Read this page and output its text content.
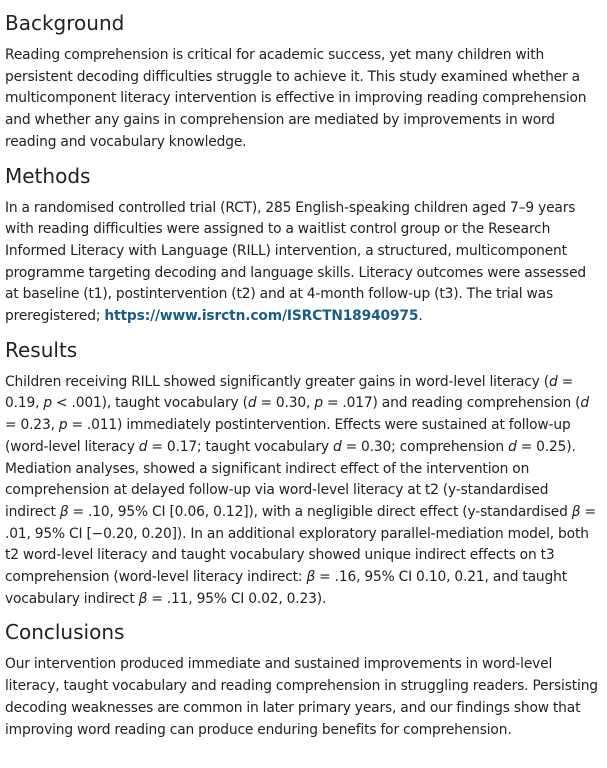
Background

Reading comprehension is critical for academic success, yet many children with persistent decoding difficulties struggle to achieve it. This study examined whether a multicomponent literacy intervention is effective in improving reading comprehension and whether any gains in comprehension are mediated by improvements in word reading and vocabulary knowledge.

Methods

In a randomised controlled trial (RCT), 285 English-speaking children aged 7–9 years with reading difficulties were assigned to a waitlist control group or the Research Informed Literacy with Language (RILL) intervention, a structured, multicomponent programme targeting decoding and language skills. Literacy outcomes were assessed at baseline (t1), postintervention (t2) and at 4-month follow-up (t3). The trial was preregistered; https://www.isrctn.com/ISRCTN18940975.

Results

Children receiving RILL showed significantly greater gains in word-level literacy (d = 0.19, p < .001), taught vocabulary (d = 0.30, p = .017) and reading comprehension (d = 0.23, p = .011) immediately postintervention. Effects were sustained at follow-up (word-level literacy d = 0.17; taught vocabulary d = 0.30; comprehension d = 0.25). Mediation analyses, showed a significant indirect effect of the intervention on comprehension at delayed follow-up via word-level literacy at t2 (y-standardised indirect β = .10, 95% CI [0.06, 0.12]), with a negligible direct effect (y-standardised β = .01, 95% CI [−0.20, 0.20]). In an additional exploratory parallel-mediation model, both t2 word-level literacy and taught vocabulary showed unique indirect effects on t3 comprehension (word-level literacy indirect: β = .16, 95% CI 0.10, 0.21, and taught vocabulary indirect β = .11, 95% CI 0.02, 0.23).

Conclusions

Our intervention produced immediate and sustained improvements in word-level literacy, taught vocabulary and reading comprehension in struggling readers. Persisting decoding weaknesses are common in later primary years, and our findings show that improving word reading can produce enduring benefits for comprehension.
